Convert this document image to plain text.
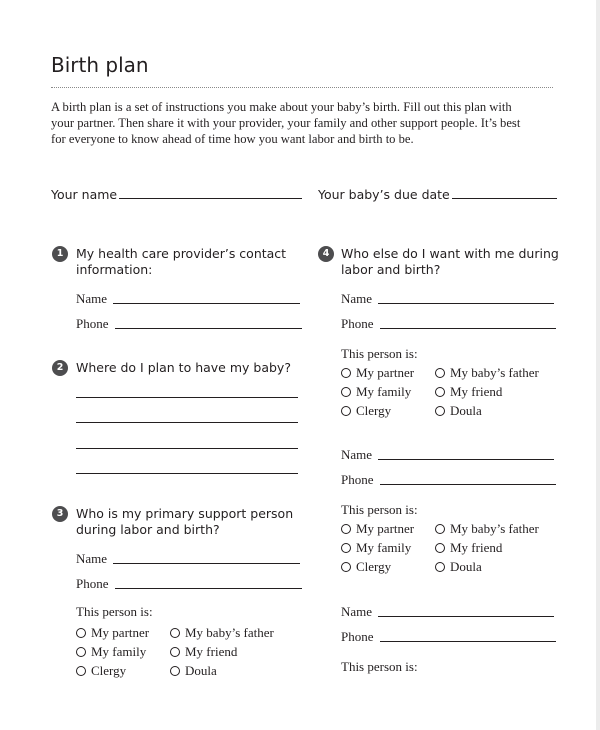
Birth plan

A birth plan is a set of instructions you make about your baby’s birth. Fill out this plan with
your partner. Then share it with your provider, your family and other support people. It’s best
for everyone to know ahead of time how you want labor and birth to be.

Your name	Your baby’s due date
1	My health care provider’s contact
information:
Name
Phone
2	Where do I plan to have my baby?
3	Who is my primary support person
during labor and birth?
Name
Phone
This person is:
My partner	My baby’s father
My family	My friend
Clergy	Doula
4 Who else do I want with me during
labor and birth?
Name
Phone
This person is:
My partner	My baby’s father
My family	My friend
Clergy	Doula
Name
Phone
This person is:
My partner	My baby’s father
My family	My friend
Clergy	Doula
Name
Phone
This person is:
